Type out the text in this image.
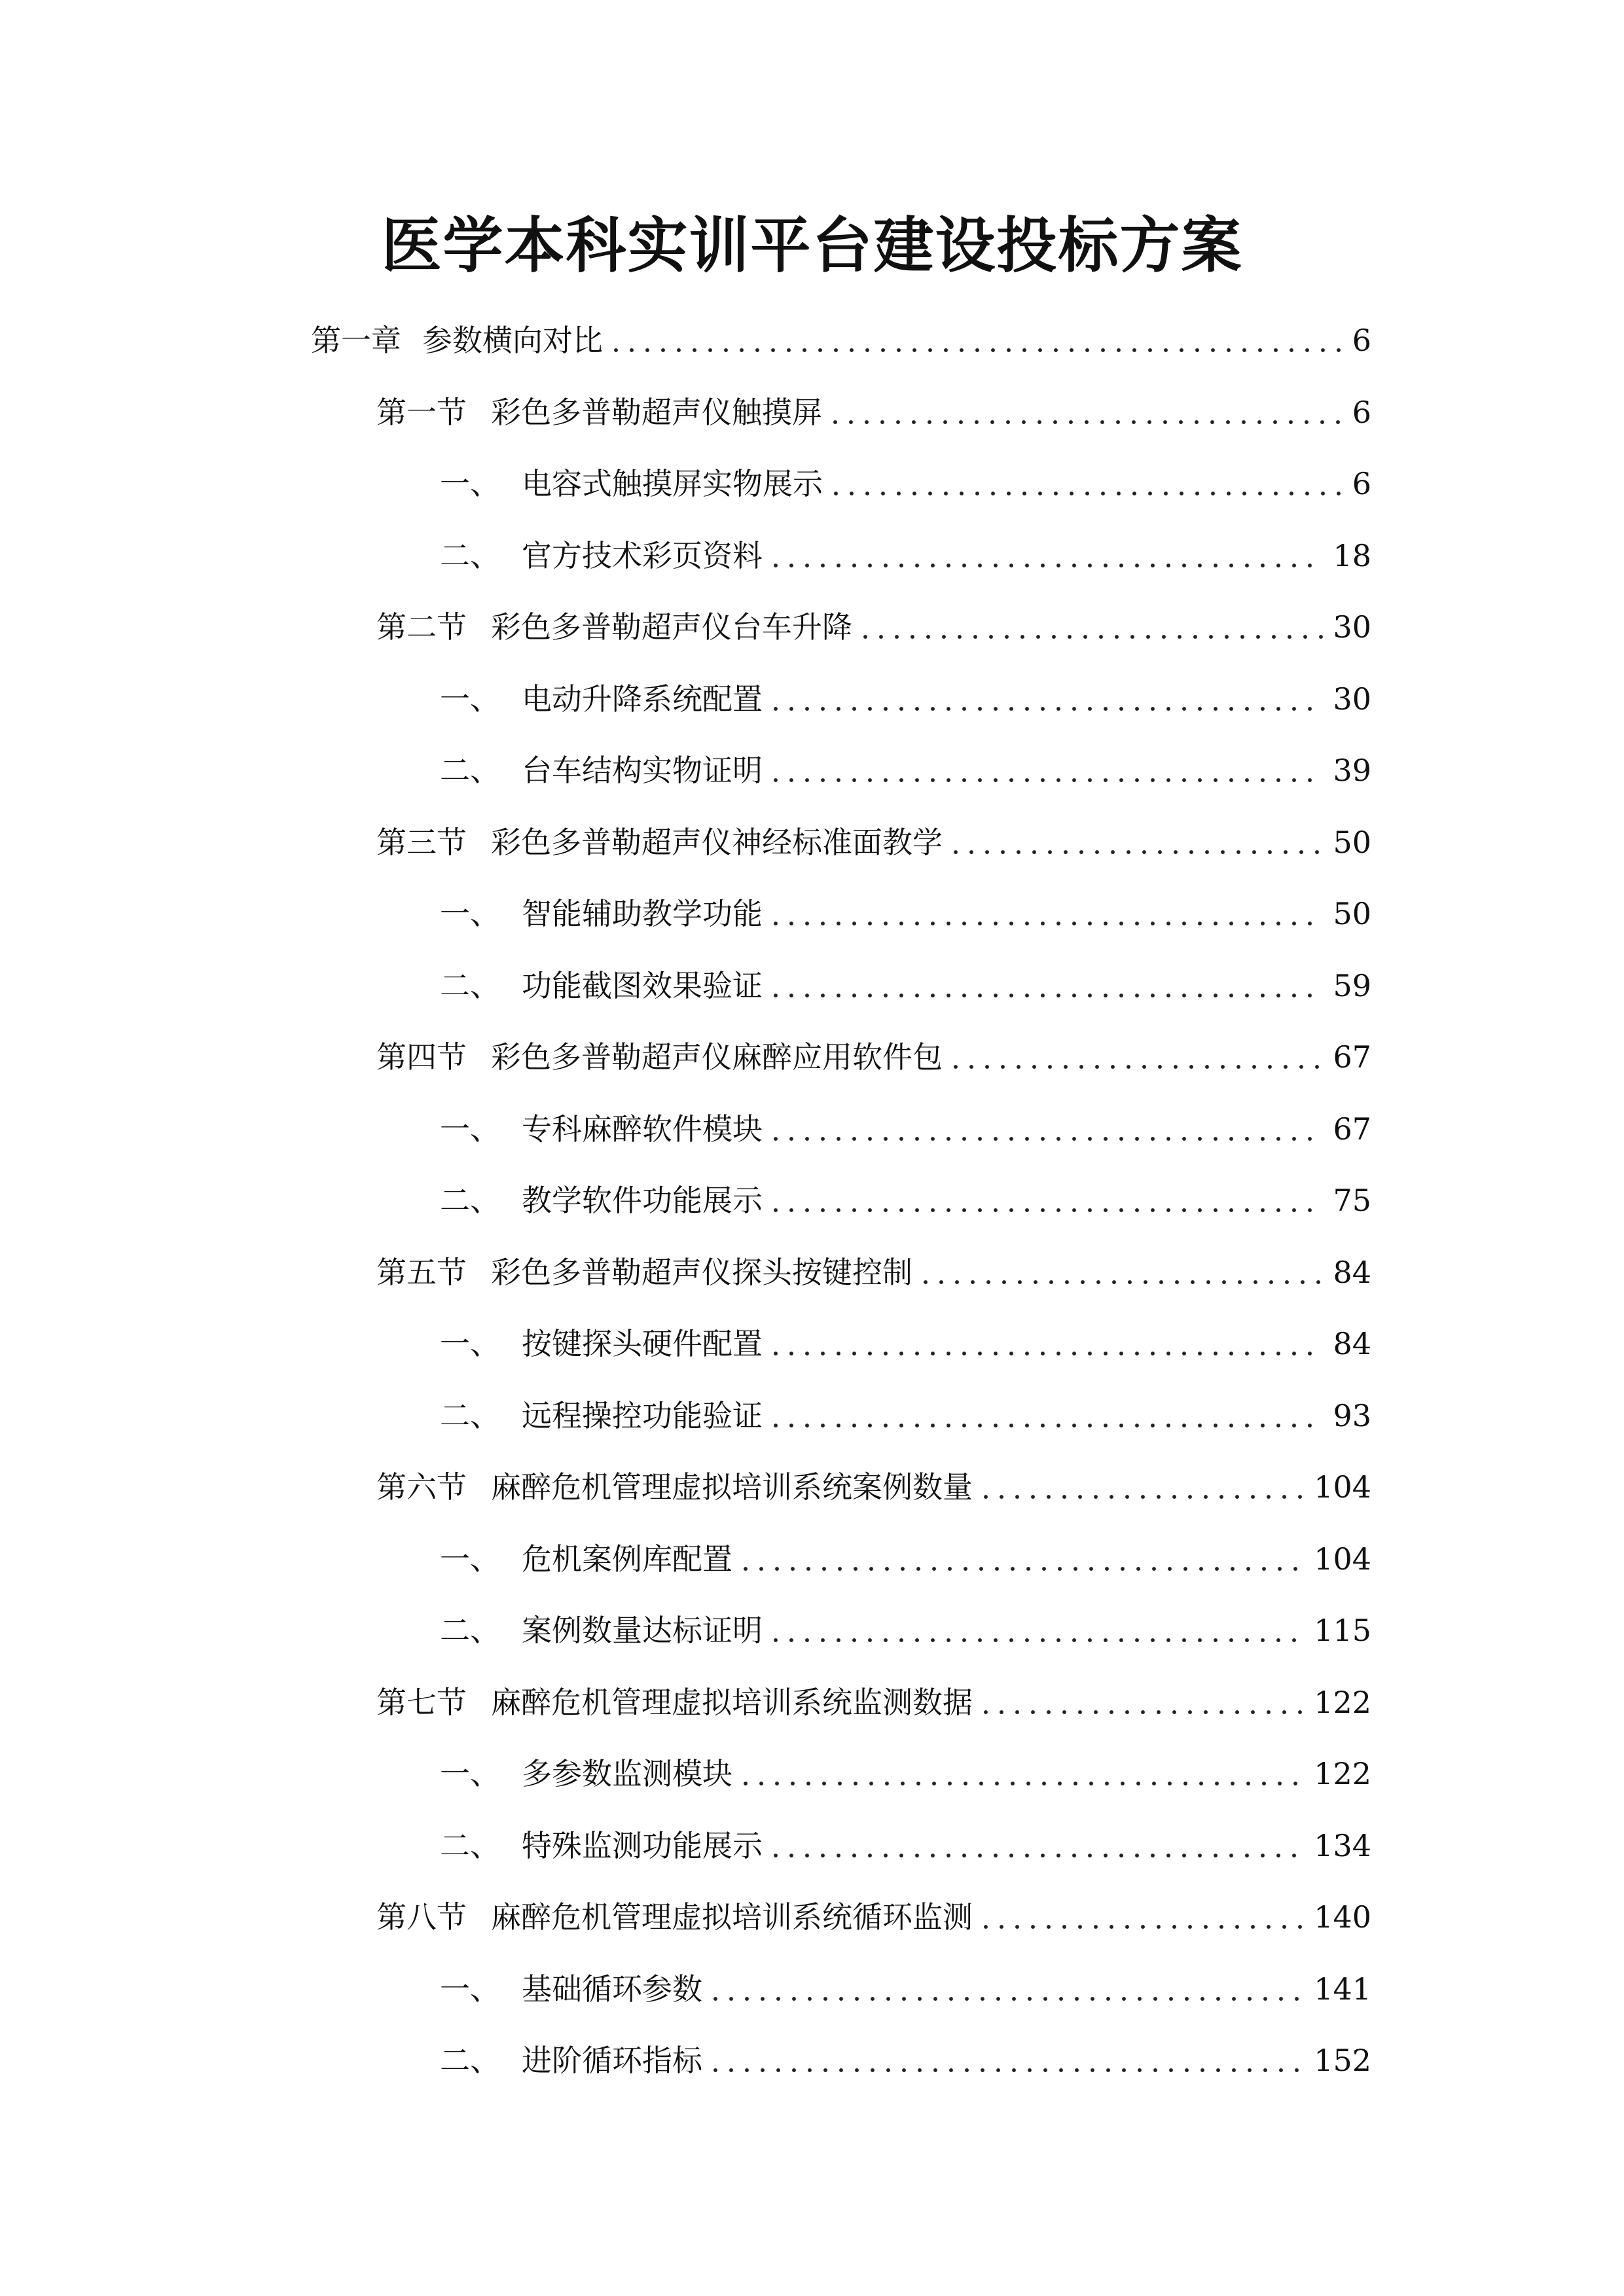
医学本科实训平台建设投标方案
第一章 参数横向对比	6
第一节 彩色多普勒超声仪触摸屏	6
一、 电容式触摸屏实物展示	6
二、 官方技术彩页资料	18
第二节 彩色多普勒超声仪台车升降	30
一、 电动升降系统配置	30
二、 台车结构实物证明	39
第三节 彩色多普勒超声仪神经标准面教学	50
一、 智能辅助教学功能	50
二、 功能截图效果验证	59
第四节 彩色多普勒超声仪麻醉应用软件包	67
一、 专科麻醉软件模块	67
二、 教学软件功能展示	75
第五节 彩色多普勒超声仪探头按键控制	84
一、 按键探头硬件配置	84
二、 远程操控功能验证	93
第六节 麻醉危机管理虚拟培训系统案例数量	104
一、 危机案例库配置	104
二、 案例数量达标证明	115
第七节 麻醉危机管理虚拟培训系统监测数据	122
一、 多参数监测模块	122
二、 特殊监测功能展示	134
第八节 麻醉危机管理虚拟培训系统循环监测	140
一、 基础循环参数	141
二、 进阶循环指标	152
